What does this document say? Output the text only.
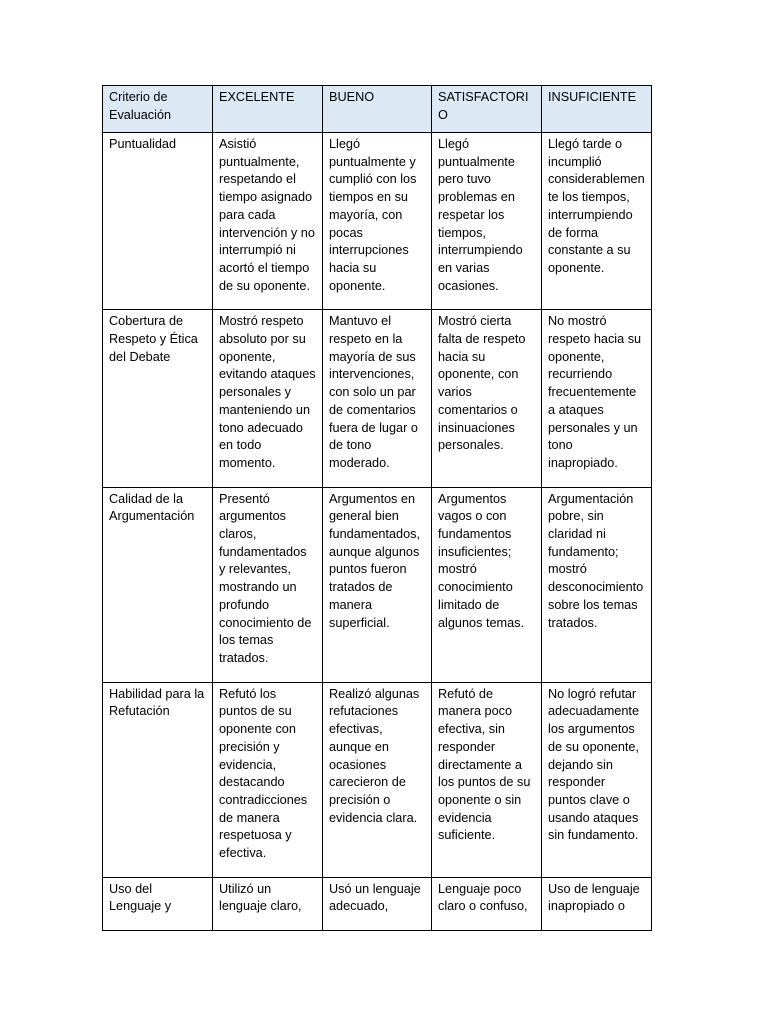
Criterio de Evaluación	EXCELENTE	BUENO	SATISFACTORIO	INSUFICIENTE
Puntualidad	Asistió puntualmente, respetando el tiempo asignado para cada intervención y no interrumpió ni acortó el tiempo de su oponente.	Llegó puntualmente y cumplió con los tiempos en su mayoría, con pocas interrupciones hacia su oponente.	Llegó puntualmente pero tuvo problemas en respetar los tiempos, interrumpiendo en varias ocasiones.	Llegó tarde o incumplió considerablemente los tiempos, interrumpiendo de forma constante a su oponente.
Cobertura de Respeto y Ética del Debate	Mostró respeto absoluto por su oponente, evitando ataques personales y manteniendo un tono adecuado en todo momento.	Mantuvo el respeto en la mayoría de sus intervenciones, con solo un par de comentarios fuera de lugar o de tono moderado.	Mostró cierta falta de respeto hacia su oponente, con varios comentarios o insinuaciones personales.	No mostró respeto hacia su oponente, recurriendo frecuentemente a ataques personales y un tono inapropiado.
Calidad de la Argumentación	Presentó argumentos claros, fundamentados y relevantes, mostrando un profundo conocimiento de los temas tratados.	Argumentos en general bien fundamentados, aunque algunos puntos fueron tratados de manera superficial.	Argumentos vagos o con fundamentos insuficientes; mostró conocimiento limitado de algunos temas.	Argumentación pobre, sin claridad ni fundamento; mostró desconocimiento sobre los temas tratados.
Habilidad para la Refutación	Refutó los puntos de su oponente con precisión y evidencia, destacando contradicciones de manera respetuosa y efectiva.	Realizó algunas refutaciones efectivas, aunque en ocasiones carecieron de precisión o evidencia clara.	Refutó de manera poco efectiva, sin responder directamente a los puntos de su oponente o sin evidencia suficiente.	No logró refutar adecuadamente los argumentos de su oponente, dejando sin responder puntos clave o usando ataques sin fundamento.
Uso del Lenguaje y	Utilizó un lenguaje claro,	Usó un lenguaje adecuado,	Lenguaje poco claro o confuso,	Uso de lenguaje inapropiado o
